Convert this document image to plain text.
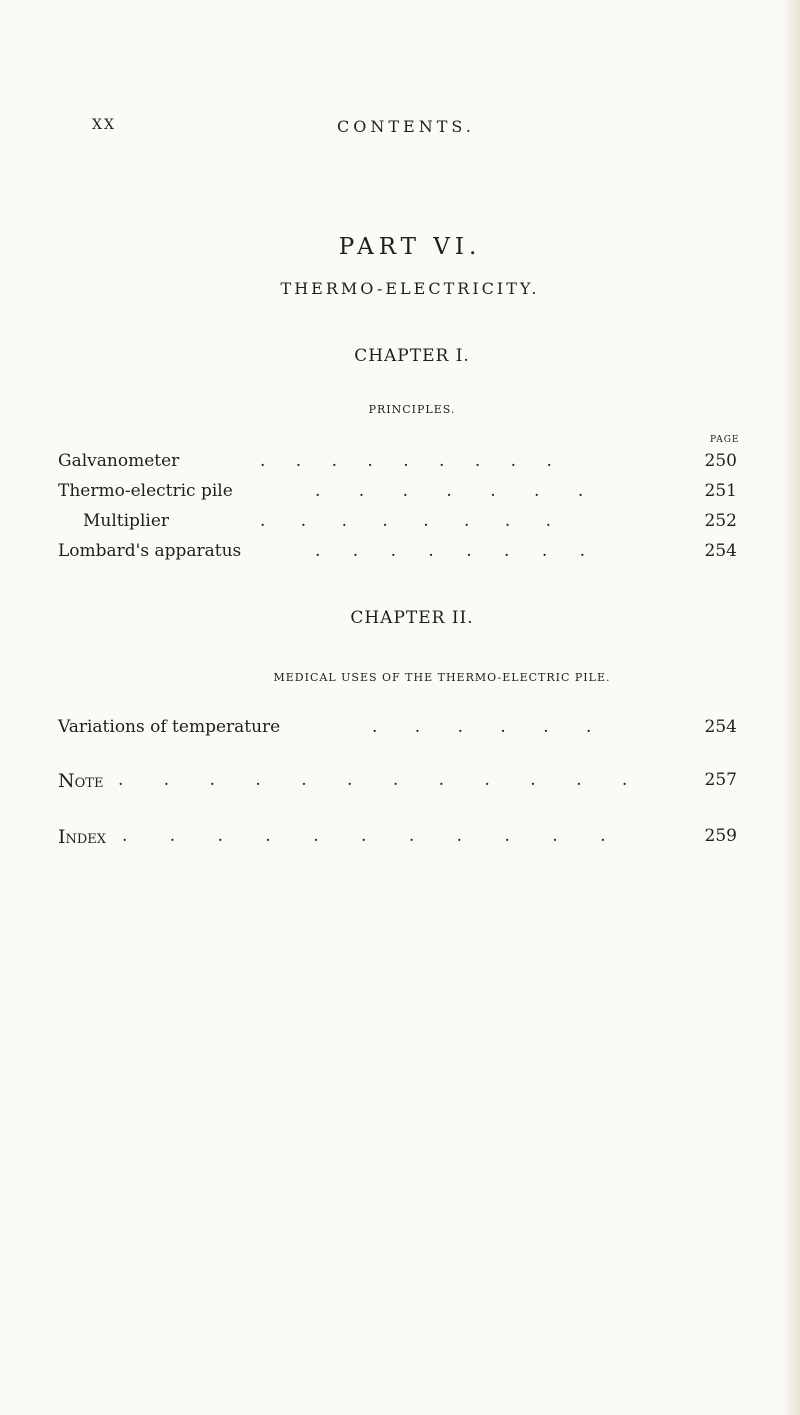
XX	CONTENTS.
PART VI.
THERMO-ELECTRICITY.
CHAPTER I.
PRINCIPLES.
PAGE
Galvanometer	. . . . . . . . .	250
Thermo-electric pile	. . . . . . .	251
Multiplier	. . . . . . . .	252
Lombard's apparatus	. . . . . . . .	254
CHAPTER II.
MEDICAL USES OF THE THERMO-ELECTRIC PILE.
Variations of temperature	. . . . . .	254
Note . . . . . . . . . . . .	257
Index . . . . . . . . . . .	259
